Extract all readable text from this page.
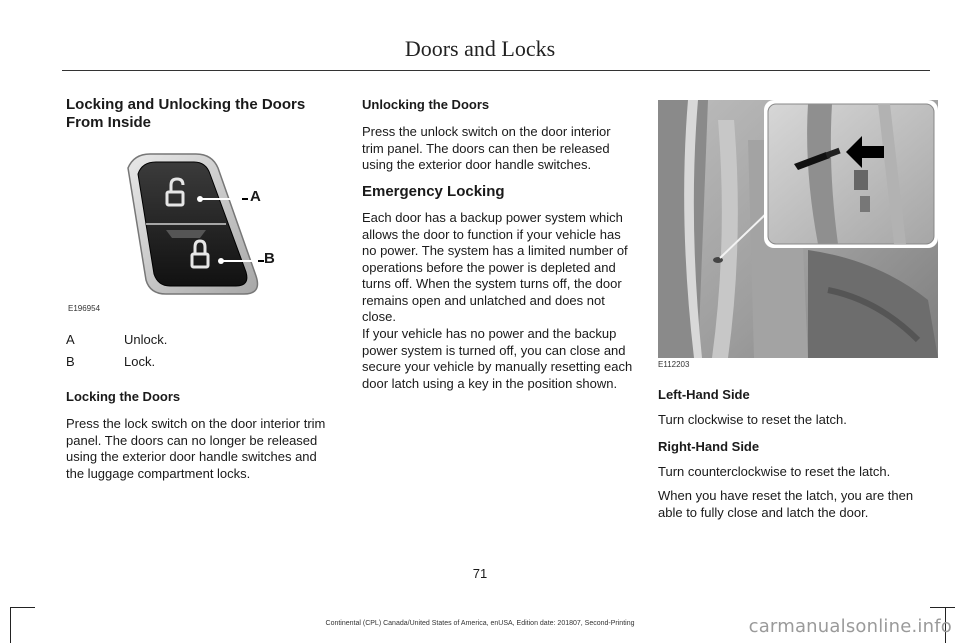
Doors and Locks
Locking and Unlocking the Doors From Inside
A
B
E196954
A	Unlock.
B	Lock.
Locking the Doors
Press the lock switch on the door interior trim panel. The doors can no longer be released using the exterior door handle switches and the luggage compartment locks.
Unlocking the Doors
Press the unlock switch on the door interior trim panel. The doors can then be released using the exterior door handle switches.
Emergency Locking
Each door has a backup power system which allows the door to function if your vehicle has no power. The system has a limited number of operations before the power is depleted and turns off. When the system turns off, the door remains open and unlatched and does not close.
If your vehicle has no power and the backup power system is turned off, you can close and secure your vehicle by manually resetting each door latch using a key in the position shown.
E112203
Left-Hand Side
Turn clockwise to reset the latch.
Right-Hand Side
Turn counterclockwise to reset the latch.
When you have reset the latch, you are then able to fully close and latch the door.
71
Continental (CPL) Canada/United States of America, enUSA, Edition date: 201807, Second-Printing	carmanualsonline.info
